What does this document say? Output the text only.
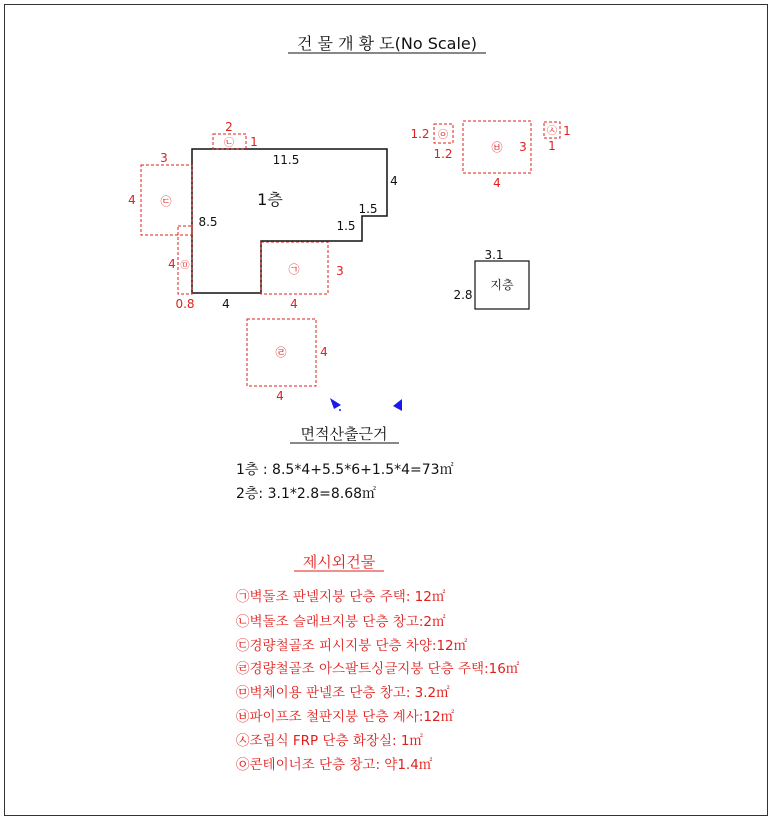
건 물 개 황 도(No Scale)
1층
11.5
8.5
4
4
1.5
1.5
지층
3.1
2.8
㉠
4
3
㉡
2
1
㉢
3
4
㉣
4
4
㉤
0.8
4
㉥
4
3
㉦ 1
1
㉧
1.2
1.2
면적산출근거
1층 : 8.5*4+5.5*6+1.5*4=73㎡
2층: 3.1*2.8=8.68㎡
제시외건물
㉠벽돌조 판넬지붕 단층 주택: 12㎡
㉡벽돌조 슬래브지붕 단층 창고:2㎡
㉢경량철골조 피시지붕 단층 차양:12㎡
㉣경량철골조 아스팔트싱글지붕 단층 주택:16㎡
㉤벽체이용 판넬조 단층 창고: 3.2㎡
㉥파이프조 철판지붕 단층 계사:12㎡
㉦조립식 FRP 단층 화장실: 1㎡
㉧콘테이너조 단층 창고: 약1.4㎡
